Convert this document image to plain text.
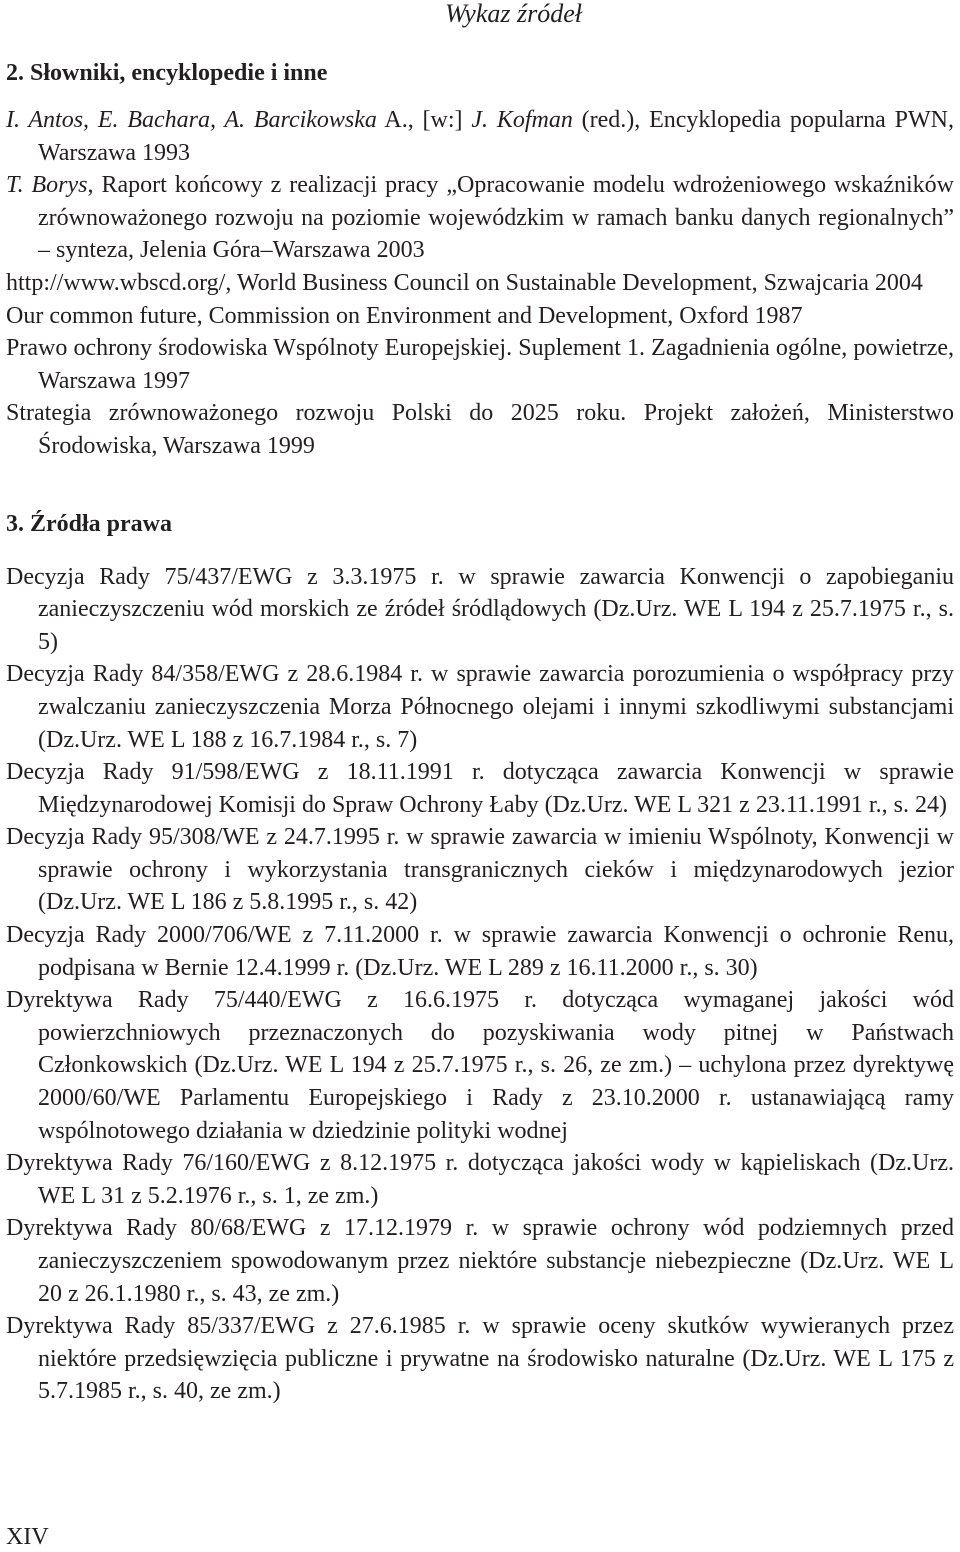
Wykaz źródeł
2. Słowniki, encyklopedie i inne

I. Antos, E. Bachara, A. Barcikowska A., [w:] J. Kofman (red.), Encyklopedia popularna PWN, Warszawa 1993

T. Borys, Raport końcowy z realizacji pracy „Opracowanie modelu wdrożeniowego wskaźników zrównoważonego rozwoju na poziomie wojewódzkim w ramach banku danych regionalnych” – synteza, Jelenia Góra–Warszawa 2003

http://www.wbscd.org/, World Business Council on Sustainable Development, Szwajcaria 2004

Our common future, Commission on Environment and Development, Oxford 1987

Prawo ochrony środowiska Wspólnoty Europejskiej. Suplement 1. Zagadnienia ogólne, powietrze, Warszawa 1997

Strategia zrównoważonego rozwoju Polski do 2025 roku. Projekt założeń, Ministerstwo Środowiska, Warszawa 1999

3. Źródła prawa

Decyzja Rady 75/437/EWG z 3.3.1975 r. w sprawie zawarcia Konwencji o zapobieganiu zanieczyszczeniu wód morskich ze źródeł śródlądowych (Dz.Urz. WE L 194 z 25.7.1975 r., s. 5)

Decyzja Rady 84/358/EWG z 28.6.1984 r. w sprawie zawarcia porozumienia o współpracy przy zwalczaniu zanieczyszczenia Morza Północnego olejami i innymi szkodliwymi substancjami (Dz.Urz. WE L 188 z 16.7.1984 r., s. 7)

Decyzja Rady 91/598/EWG z 18.11.1991 r. dotycząca zawarcia Konwencji w sprawie Międzynarodowej Komisji do Spraw Ochrony Łaby (Dz.Urz. WE L 321 z 23.11.1991 r., s. 24)

Decyzja Rady 95/308/WE z 24.7.1995 r. w sprawie zawarcia w imieniu Wspólnoty, Konwencji w sprawie ochrony i wykorzystania transgranicznych cieków i międzynarodowych jezior (Dz.Urz. WE L 186 z 5.8.1995 r., s. 42)

Decyzja Rady 2000/706/WE z 7.11.2000 r. w sprawie zawarcia Konwencji o ochronie Renu, podpisana w Bernie 12.4.1999 r. (Dz.Urz. WE L 289 z 16.11.2000 r., s. 30)

Dyrektywa Rady 75/440/EWG z 16.6.1975 r. dotycząca wymaganej jakości wód powierzchniowych przeznaczonych do pozyskiwania wody pitnej w Państwach Członkowskich (Dz.Urz. WE L 194 z 25.7.1975 r., s. 26, ze zm.) – uchylona przez dyrektywę 2000/60/WE Parlamentu Europejskiego i Rady z 23.10.2000 r. ustanawiającą ramy wspólnotowego działania w dziedzinie polityki wodnej

Dyrektywa Rady 76/160/EWG z 8.12.1975 r. dotycząca jakości wody w kąpieliskach (Dz.Urz. WE L 31 z 5.2.1976 r., s. 1, ze zm.)

Dyrektywa Rady 80/68/EWG z 17.12.1979 r. w sprawie ochrony wód podziemnych przed zanieczyszczeniem spowodowanym przez niektóre substancje niebezpieczne (Dz.Urz. WE L 20 z 26.1.1980 r., s. 43, ze zm.)

Dyrektywa Rady 85/337/EWG z 27.6.1985 r. w sprawie oceny skutków wywieranych przez niektóre przedsięwzięcia publiczne i prywatne na środowisko naturalne (Dz.Urz. WE L 175 z 5.7.1985 r., s. 40, ze zm.)

XIV
